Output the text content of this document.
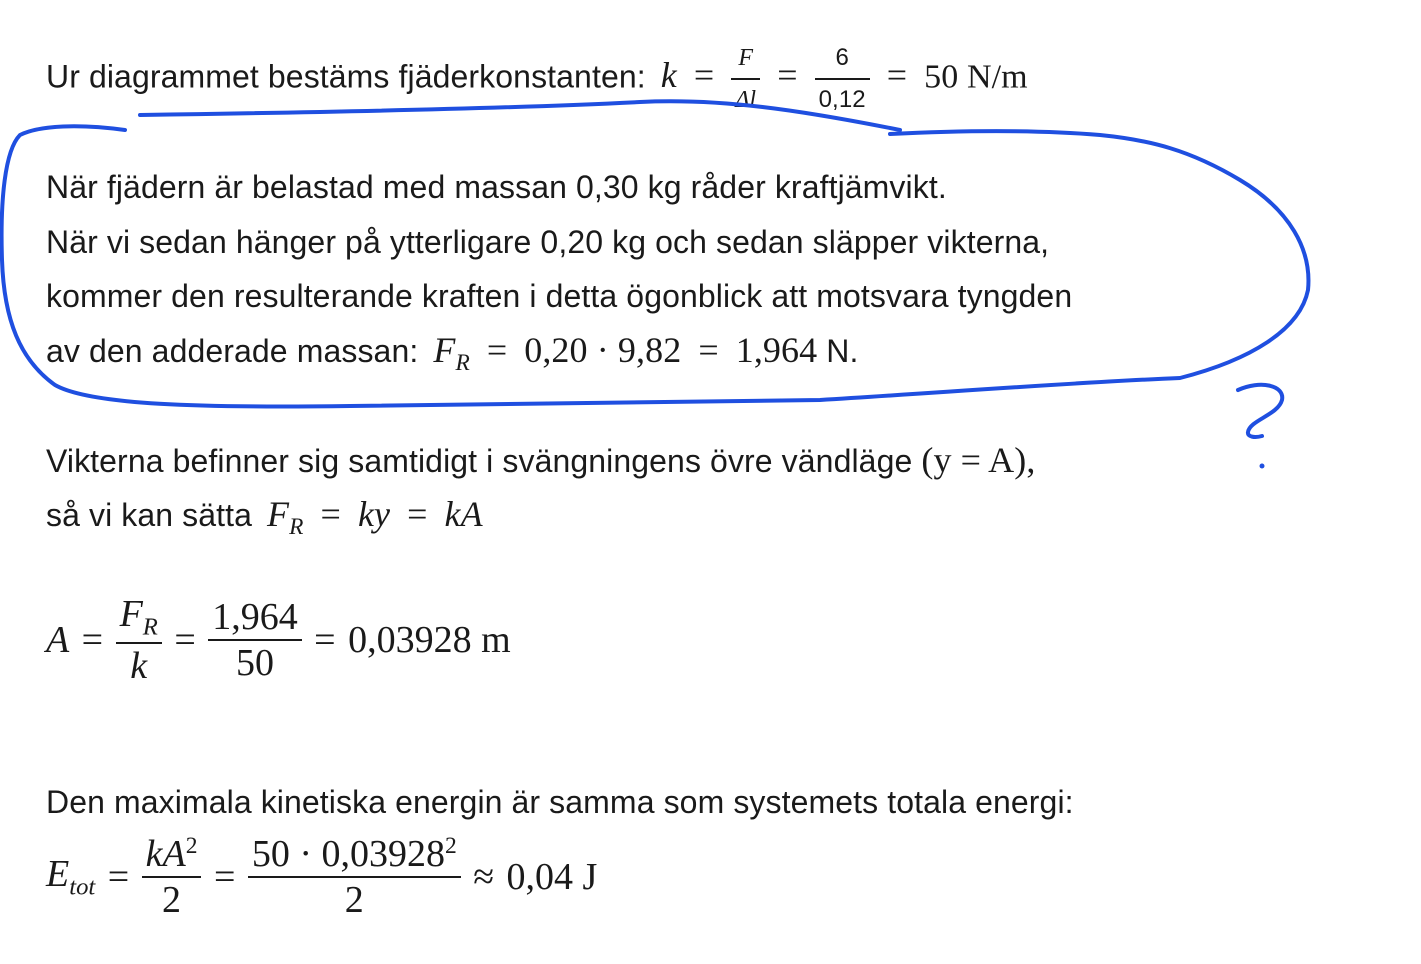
Ur diagrammet bestäms fjäderkonstanten: $k = \frac{F}{\Delta l} = \frac{6}{0,12} = 50$ N/m
När fjädern är belastad med massan 0,30 kg råder kraftjämvikt.
När vi sedan hänger på ytterligare 0,20 kg och sedan släpper vikterna,
kommer den resulterande kraften i detta ögonblick att motsvara tyngden
av den adderade massan: $F_R = 0,20 \cdot 9,82 = 1,964$ N.
Vikterna befinner sig samtidigt i svängningens övre vändläge (y = A),
så vi kan sätta $F_R$ = ky = kA
$A = \frac{F_R}{k} = \frac{1,964}{50} = 0,03928$ m
Den maximala kinetiska energin är samma som systemets totala energi:
$E_{tot} = \frac{kA^2}{2} = \frac{50 \cdot 0,03928^2}{2} \approx 0,04$ J
